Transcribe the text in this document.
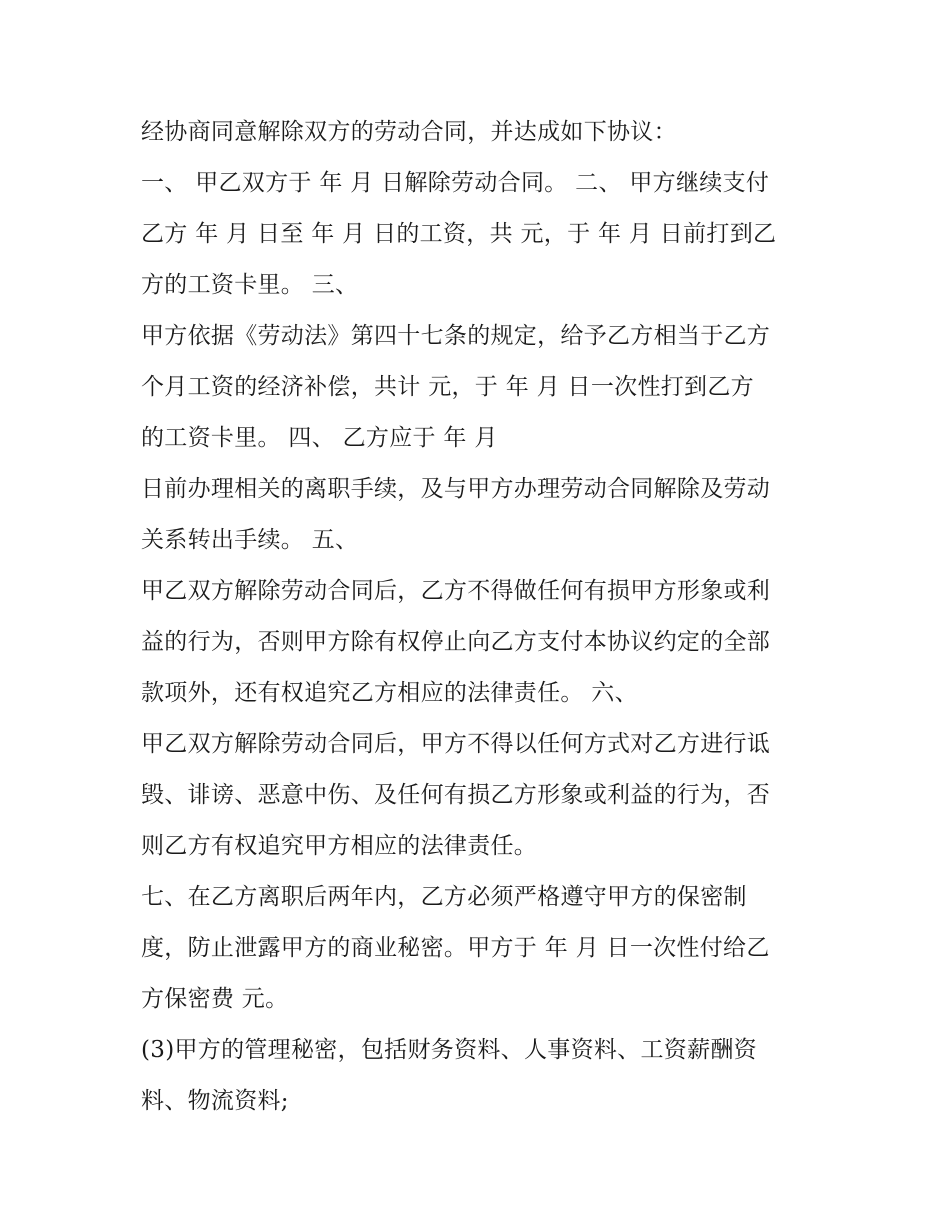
经协商同意解除双方的劳动合同，并达成如下协议：
一、 甲乙双方于 年 月 日解除劳动合同。 二、 甲方继续支付
乙方 年 月 日至 年 月 日的工资，共 元，于 年 月 日前打到乙
方的工资卡里。 三、
甲方依据《劳动法》第四十七条的规定，给予乙方相当于乙方
个月工资的经济补偿，共计 元，于 年 月 日一次性打到乙方
的工资卡里。 四、 乙方应于 年 月
日前办理相关的离职手续，及与甲方办理劳动合同解除及劳动
关系转出手续。 五、
甲乙双方解除劳动合同后，乙方不得做任何有损甲方形象或利
益的行为，否则甲方除有权停止向乙方支付本协议约定的全部
款项外，还有权追究乙方相应的法律责任。 六、
甲乙双方解除劳动合同后，甲方不得以任何方式对乙方进行诋
毁、诽谤、恶意中伤、及任何有损乙方形象或利益的行为，否
则乙方有权追究甲方相应的法律责任。
七、在乙方离职后两年内，乙方必须严格遵守甲方的保密制
度，防止泄露甲方的商业秘密。甲方于 年 月 日一次性付给乙
方保密费 元。
(3)甲方的管理秘密，包括财务资料、人事资料、工资薪酬资
料、物流资料;
